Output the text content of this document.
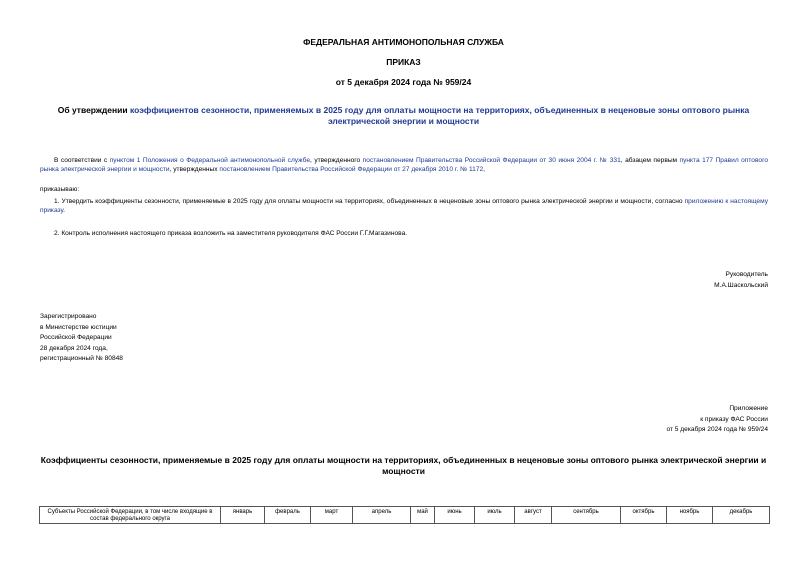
ФЕДЕРАЛЬНАЯ АНТИМОНОПОЛЬНАЯ СЛУЖБА
ПРИКАЗ
от 5 декабря 2024 года № 959/24
Об утверждении коэффициентов сезонности, применяемых в 2025 году для оплаты мощности на территориях, объединенных в неценовые зоны оптового рынка электрической энергии и мощности
В соответствии с пунктом 1 Положения о Федеральной антимонопольной службе, утвержденного постановлением Правительства Российской Федерации от 30 июня 2004 г. № 331, абзацем первым пункта 177 Правил оптового рынка электрической энергии и мощности, утвержденных постановлением Правительства Российской Федерации от 27 декабря 2010 г. № 1172,
приказываю:
1. Утвердить коэффициенты сезонности, применяемые в 2025 году для оплаты мощности на территориях, объединенных в неценовые зоны оптового рынка электрической энергии и мощности, согласно приложению к настоящему приказу.
2. Контроль исполнения настоящего приказа возложить на заместителя руководителя ФАС России Г.Г.Магазинова.
Руководитель
М.А.Шаскольский
Зарегистрировано
в Министерстве юстиции
Российской Федерации
28 декабря 2024 года,
регистрационный № 80848
Приложение
к приказу ФАС России
от 5 декабря 2024 года № 959/24
Коэффициенты сезонности, применяемые в 2025 году для оплаты мощности на территориях, объединенных в неценовые зоны оптового рынка электрической энергии и мощности
Субъекты Российской Федерации, в том числе входящие в состав федерального округа	январь	февраль	март	апрель	май	июнь	июль	август	сентябрь	октябрь	ноябрь	декабрь
